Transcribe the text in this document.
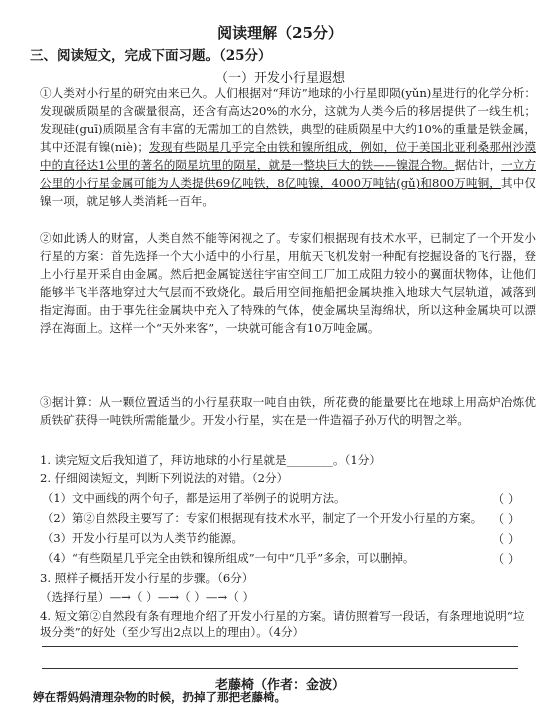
阅读理解（25分）
三、阅读短文，完成下面习题。（25分）
（一）开发小行星遐想
①人类对小行星的研究由来已久。人们根据对“拜访”地球的小行星即陨(yǔn)星进行的化学分析：发现碳质陨星的含碳量很高，还含有高达20%的水分，这就为人类今后的移居提供了一线生机；发现硅(guī)质陨星含有丰富的无需加工的自然铁，典型的硅质陨星中大约10%的重量是铁金属，其中还混有镍(niè)；发现有些陨星几乎完全由铁和镍所组成，例如，位于美国北亚利桑那州沙漠中的直径达1公里的著名的陨星坑里的陨星，就是一整块巨大的铁——镍混合物。据估计，一立方公里的小行星金属可能为人类提供69亿吨铁，8亿吨镍，4000万吨钴(gǔ)和800万吨铜，其中仅镍一项，就足够人类消耗一百年。
②如此诱人的财富，人类自然不能等闲视之了。专家们根据现有技术水平，已制定了一个开发小行星的方案：首先选择一个大小适中的小行星，用航天飞机发射一种配有挖掘设备的飞行器，登上小行星开采自由金属。然后把金属锭送往宇宙空间工厂加工成阻力较小的翼面状物体，让他们能够半飞半落地穿过大气层而不致烧化。最后用空间拖船把金属块推入地球大气层轨道，减落到指定海面。由于事先往金属块中充入了特殊的气体，使金属块呈海绵状，所以这种金属块可以漂浮在海面上。这样一个“天外来客”，一块就可能含有10万吨金属。
③据计算：从一颗位置适当的小行星获取一吨自由铁，所花费的能量要比在地球上用高炉冶炼优质铁矿获得一吨铁所需能量少。开发小行星，实在是一件造福子孙万代的明智之举。
1. 读完短文后我知道了，拜访地球的小行星就是________。（1分）
2. 仔细阅读短文，判断下列说法的对错。（2分）
（1）文中画线的两个句子，都是运用了举例子的说明方法。	（ ）
（2）第②自然段主要写了：专家们根据现有技术水平，制定了一个开发小行星的方案。 （ ）
（3）开发小行星可以为人类节约能源。	（ ）
（4）“有些陨星几乎完全由铁和镍所组成”一句中“几乎”多余，可以删掉。	（ ）
3. 照样子概括开发小行星的步骤。（6分）
（选择行星）—→（ ）—→（ ）—→（ ）
4. 短文第②自然段有条有理地介绍了开发小行星的方案。请仿照着写一段话，有条理地说明“垃圾分类”的好处（至少写出2点以上的理由）。（4分）
老藤椅（作者：金波）
婷在帮妈妈清理杂物的时候，扔掉了那把老藤椅。
